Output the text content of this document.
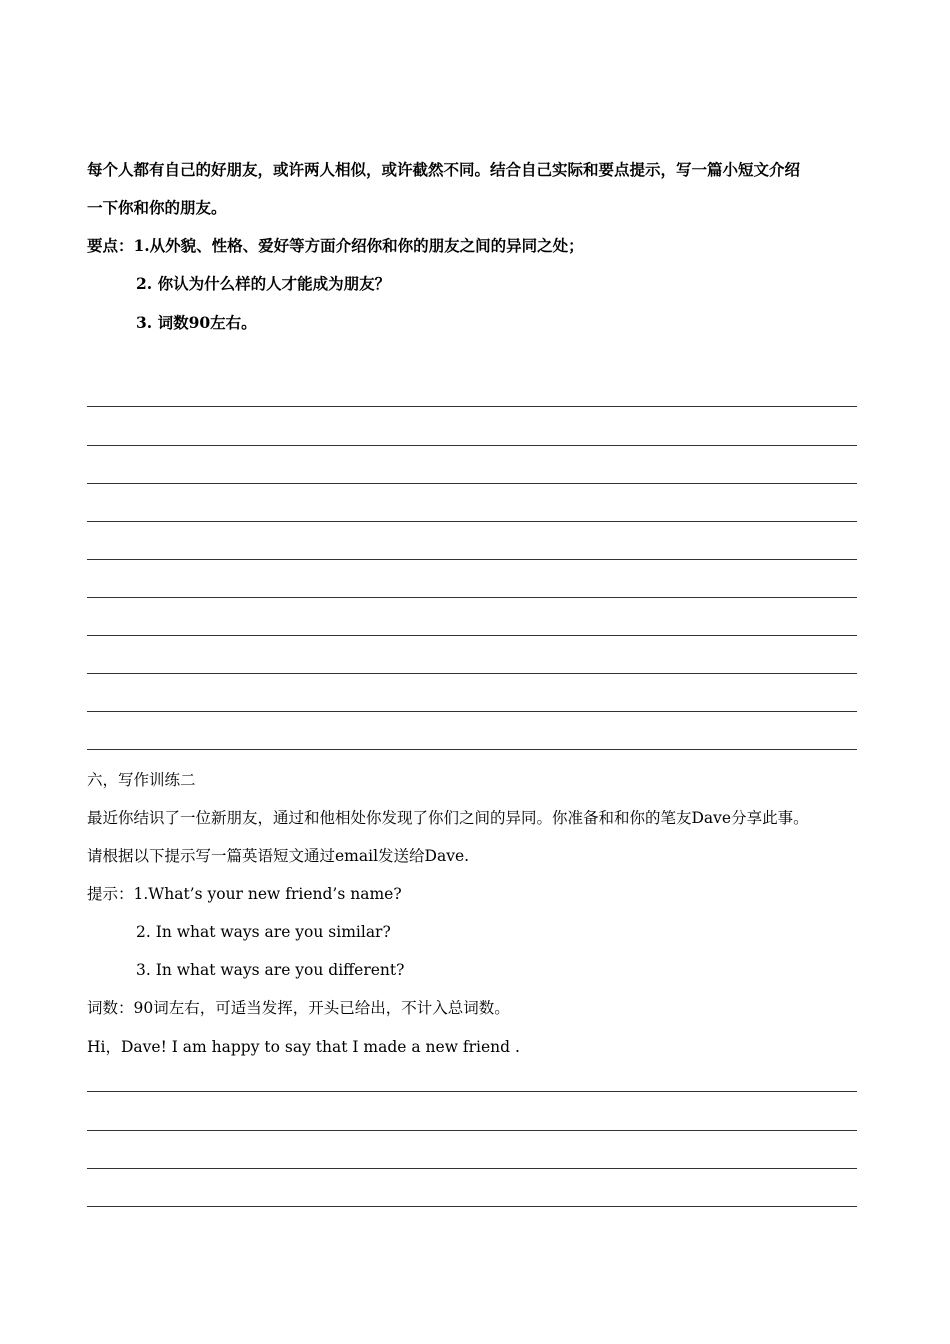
每个人都有自己的好朋友，或许两人相似，或许截然不同。结合自己实际和要点提示，写一篇小短文介绍
一下你和你的朋友。
要点：1.从外貌、性格、爱好等方面介绍你和你的朋友之间的异同之处；
2. 你认为什么样的人才能成为朋友？
3. 词数90左右。
六，写作训练二
最近你结识了一位新朋友，通过和他相处你发现了你们之间的异同。你准备和和你的笔友Dave分享此事。
请根据以下提示写一篇英语短文通过email发送给Dave.
提示：1.What’s your new friend’s name?
2. In what ways are you similar?
3. In what ways are you different?
词数：90词左右，可适当发挥，开头已给出，不计入总词数。
Hi，Dave! I am happy to say that I made a new friend .
